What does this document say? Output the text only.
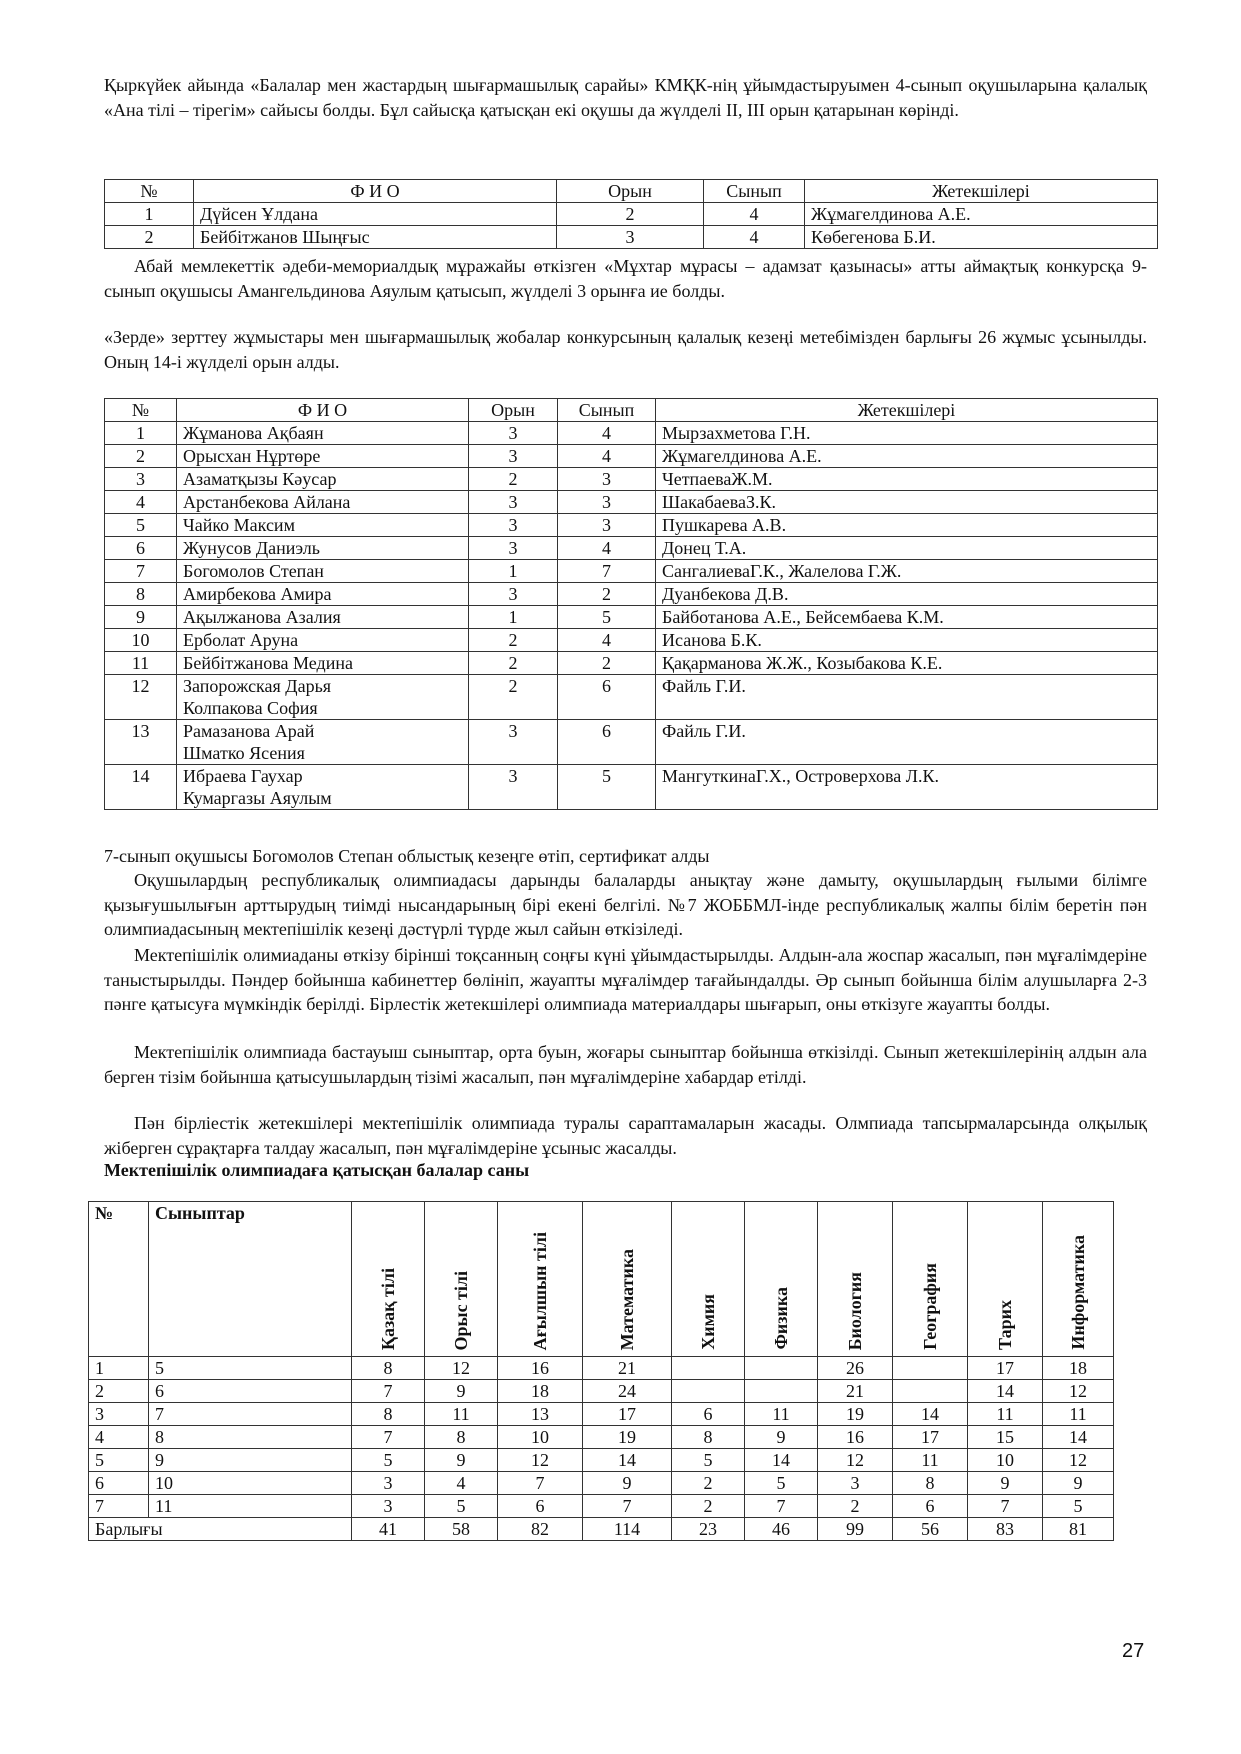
Қыркүйек айында «Балалар мен жастардың шығармашылық сарайы» КМҚК-нің ұйымдастыруымен 4-сынып оқушыларына қалалық «Ана тілі – тірегім» сайысы болды. Бұл сайысқа қатысқан екі оқушы да жүлделі II, III орын қатарынан көрінді.

№	Ф И О	Орын	Сынып	Жетекшілері
1	Дүйсен Ұлдана	2	4	Жұмагелдинова А.Е.
2	Бейбітжанов Шыңғыс	3	4	Көбегенова Б.И.

Абай мемлекеттік әдеби-мемориалдық мұражайы өткізген «Мұхтар мұрасы – адамзат қазынасы» атты аймақтық конкурсқа 9-сынып оқушысы Амангельдинова Аяулым қатысып, жүлделі 3 орынға ие болды.

«Зерде» зерттеу жұмыстары мен шығармашылық жобалар конкурсының қалалық кезеңі метебімізден барлығы 26 жұмыс ұсынылды. Оның 14-і жүлделі орын алды.

№	Ф И О	Орын	Сынып	Жетекшілері
1	Жұманова Ақбаян	3	4	Мырзахметова Г.Н.
2	Орысхан Нұртөре	3	4	Жұмагелдинова А.Е.
3	Азаматқызы Кәусар	2	3	ЧетпаеваЖ.М.
4	Арстанбекова Айлана	3	3	ШакабаеваЗ.К.
5	Чайко Максим	3	3	Пушкарева А.В.
6	Жунусов Даниэль	3	4	Донец Т.А.
7	Богомолов Степан	1	7	СангалиеваГ.К., Жалелова Г.Ж.
8	Амирбекова Амира	3	2	Дуанбекова Д.В.
9	Ақылжанова Азалия	1	5	Байботанова А.Е., Бейсембаева К.М.
10	Ерболат Аруна	2	4	Исанова Б.К.
11	Бейбітжанова Медина	2	2	Қақарманова Ж.Ж., Козыбакова К.Е.
12	Запорожская Дарья
Колпакова София	2	6	Файль Г.И.
13	Рамазанова Арай
Шматко Ясения	3	6	Файль Г.И.
14	Ибраева Гаухар
Кумаргазы Аяулым	3	5	МангуткинаГ.Х., Островерхова Л.К.

7-сынып оқушысы Богомолов Степан облыстық кезеңге өтіп, сертификат алды

Оқушылардың республикалық олимпиадасы дарынды балаларды анықтау және дамыту, оқушылардың ғылыми білімге қызығушылығын арттырудың тиімді нысандарының бірі екені белгілі. №7 ЖОББМЛ-інде республикалық жалпы білім беретін пән олимпиадасының мектепішілік кезеңі дәстүрлі түрде жыл сайын өткізіледі.

Мектепішілік олимиаданы өткізу бірінші тоқсанның соңғы күні ұйымдастырылды. Алдын-ала жоспар жасалып, пән мұғалімдеріне таныстырылды. Пәндер бойынша кабинеттер бөлініп, жауапты мұғалімдер тағайындалды. Әр сынып бойынша білім алушыларға 2-3 пәнге қатысуға мүмкіндік берілді. Бірлестік жетекшілері олимпиада материалдары шығарып, оны өткізуге жауапты болды.

Мектепішілік олимпиада бастауыш сыныптар, орта буын, жоғары сыныптар бойынша өткізілді. Сынып жетекшілерінің алдын ала берген тізім бойынша қатысушылардың тізімі жасалып, пән мұғалімдеріне хабардар етілді.

Пән бірлiестік жетекшілері мектепішілік олимпиада туралы сараптамаларын жасады. Олмпиада тапсырмаларсында олқылық жіберген сұрақтарға талдау жасалып, пән мұғалімдеріне ұсыныс жасалды.

Мектепішілік олимпиадаға қатысқан балалар саны

№	Сыныптар	Қазақ тілі	Орыс тілі	Ағылшын тілі	Математика	Химия	Физика	Биология	География	Тарих	Информатика

1	5	8	12	16	21			26		17	18
2	6	7	9	18	24			21		14	12
3	7	8	11	13	17	6	11	19	14	11	11
4	8	7	8	10	19	8	9	16	17	15	14
5	9	5	9	12	14	5	14	12	11	10	12
6	10	3	4	7	9	2	5	3	8	9	9
7	11	3	5	6	7	2	7	2	6	7	5
Барлығы		41	58	82	114	23	46	99	56	83	81
27
